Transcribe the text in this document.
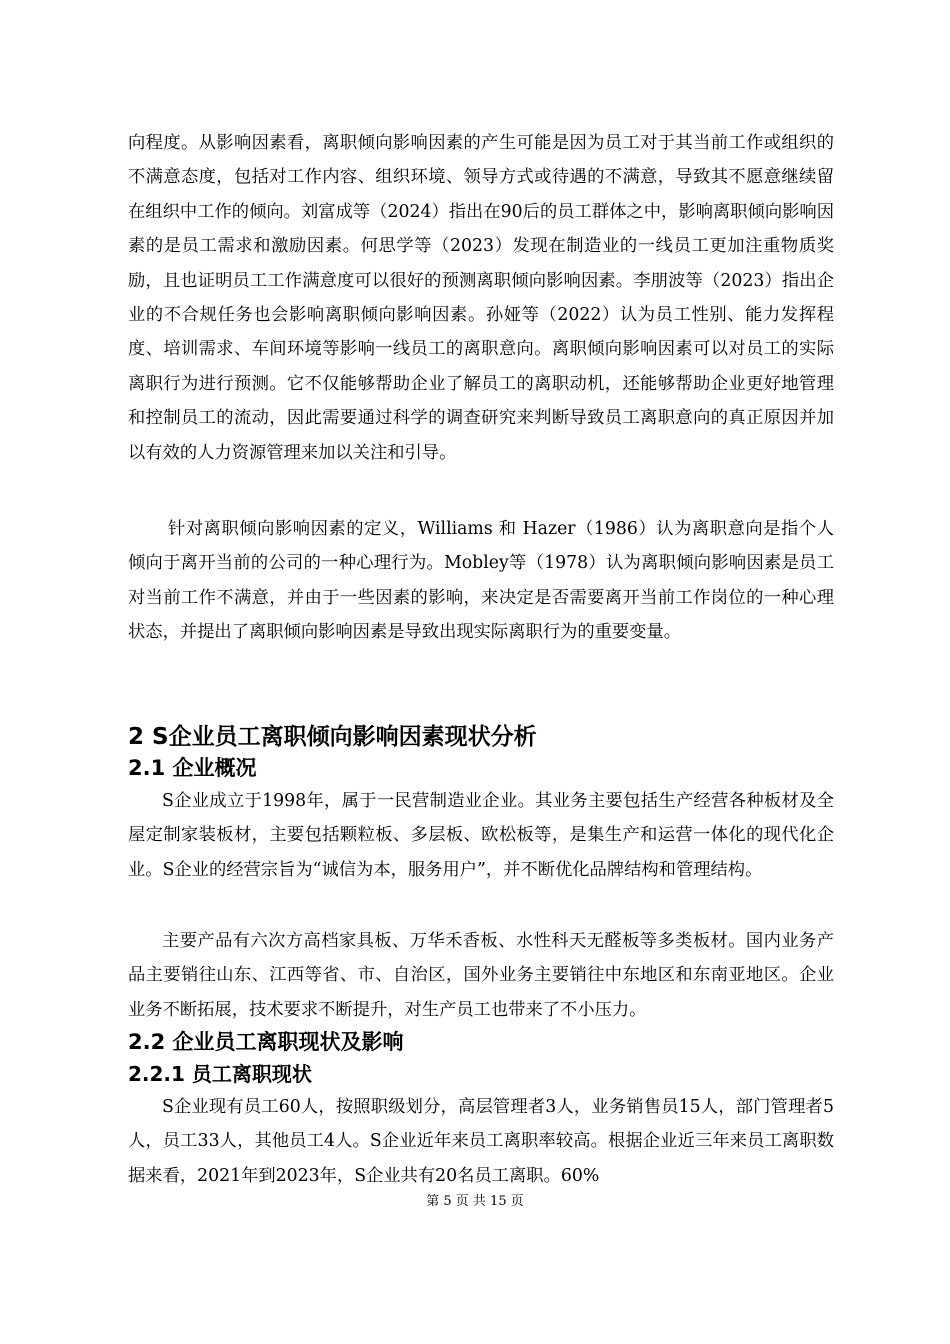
向程度。从影响因素看，离职倾向影响因素的产生可能是因为员工对于其当前工作或组织的不满意态度，包括对工作内容、组织环境、领导方式或待遇的不满意，导致其不愿意继续留在组织中工作的倾向。刘富成等（2024）指出在90后的员工群体之中，影响离职倾向影响因素的是员工需求和激励因素。何思学等（2023）发现在制造业的一线员工更加注重物质奖励，且也证明员工工作满意度可以很好的预测离职倾向影响因素。李朋波等（2023）指出企业的不合规任务也会影响离职倾向影响因素。孙娅等（2022）认为员工性别、能力发挥程度、培训需求、车间环境等影响一线员工的离职意向。离职倾向影响因素可以对员工的实际离职行为进行预测。它不仅能够帮助企业了解员工的离职动机，还能够帮助企业更好地管理和控制员工的流动，因此需要通过科学的调查研究来判断导致员工离职意向的真正原因并加以有效的人力资源管理来加以关注和引导。

针对离职倾向影响因素的定义，Williams 和 Hazer（1986）认为离职意向是指个人倾向于离开当前的公司的一种心理行为。Mobley等（1978）认为离职倾向影响因素是员工对当前工作不满意，并由于一些因素的影响，来决定是否需要离开当前工作岗位的一种心理状态，并提出了离职倾向影响因素是导致出现实际离职行为的重要变量。

2 S企业员工离职倾向影响因素现状分析
2.1 企业概况

S企业成立于1998年，属于一民营制造业企业。其业务主要包括生产经营各种板材及全屋定制家装板材，主要包括颗粒板、多层板、欧松板等，是集生产和运营一体化的现代化企业。S企业的经营宗旨为“诚信为本，服务用户”，并不断优化品牌结构和管理结构。

主要产品有六次方高档家具板、万华禾香板、水性科天无醛板等多类板材。国内业务产品主要销往山东、江西等省、市、自治区，国外业务主要销往中东地区和东南亚地区。企业业务不断拓展，技术要求不断提升，对生产员工也带来了不小压力。

2.2 企业员工离职现状及影响
2.2.1 员工离职现状

S企业现有员工60人，按照职级划分，高层管理者3人，业务销售员15人，部门管理者5人，员工33人，其他员工4人。S企业近年来员工离职率较高。根据企业近三年来员工离职数据来看，2021年到2023年，S企业共有20名员工离职。60%

第 5 页 共 15 页
